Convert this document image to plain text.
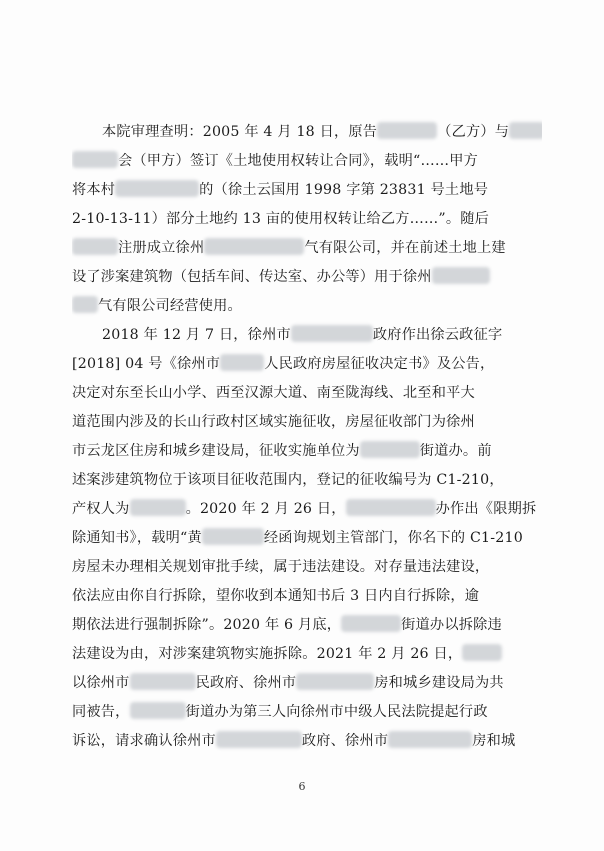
本院审理查明：2005 年 4 月 18 日，原告	（乙方）与
会（甲方）签订《土地使用权转让合同》，载明“……甲方
将本村	的（徐土云国用 1998 字第 23831 号土地号
2-10-13-11）部分土地约 13 亩的使用权转让给乙方……”。随后
注册成立徐州	气有限公司，并在前述土地上建
设了涉案建筑物（包括车间、传达室、办公等）用于徐州
气有限公司经营使用。
2018 年 12 月 7 日，徐州市	政府作出徐云政征字
[2018] 04 号《徐州市	人民政府房屋征收决定书》及公告，
决定对东至长山小学、西至汉源大道、南至陇海线、北至和平大
道范围内涉及的长山行政村区域实施征收，房屋征收部门为徐州
市云龙区住房和城乡建设局，征收实施单位为	街道办。前
述案涉建筑物位于该项目征收范围内，登记的征收编号为 C1-210，
产权人为	。2020 年 2 月 26 日，	办作出《限期拆
除通知书》，载明“黄	经函询规划主管部门，你名下的 C1-210
房屋未办理相关规划审批手续，属于违法建设。对存量违法建设，
依法应由你自行拆除，望你收到本通知书后 3 日内自行拆除，逾
期依法进行强制拆除”。2020 年 6 月底，	街道办以拆除违
法建设为由，对涉案建筑物实施拆除。2021 年 2 月 26 日，
以徐州市	民政府、徐州市	房和城乡建设局为共
同被告，	街道办为第三人向徐州市中级人民法院提起行政
诉讼，请求确认徐州市	政府、徐州市	房和城
6
